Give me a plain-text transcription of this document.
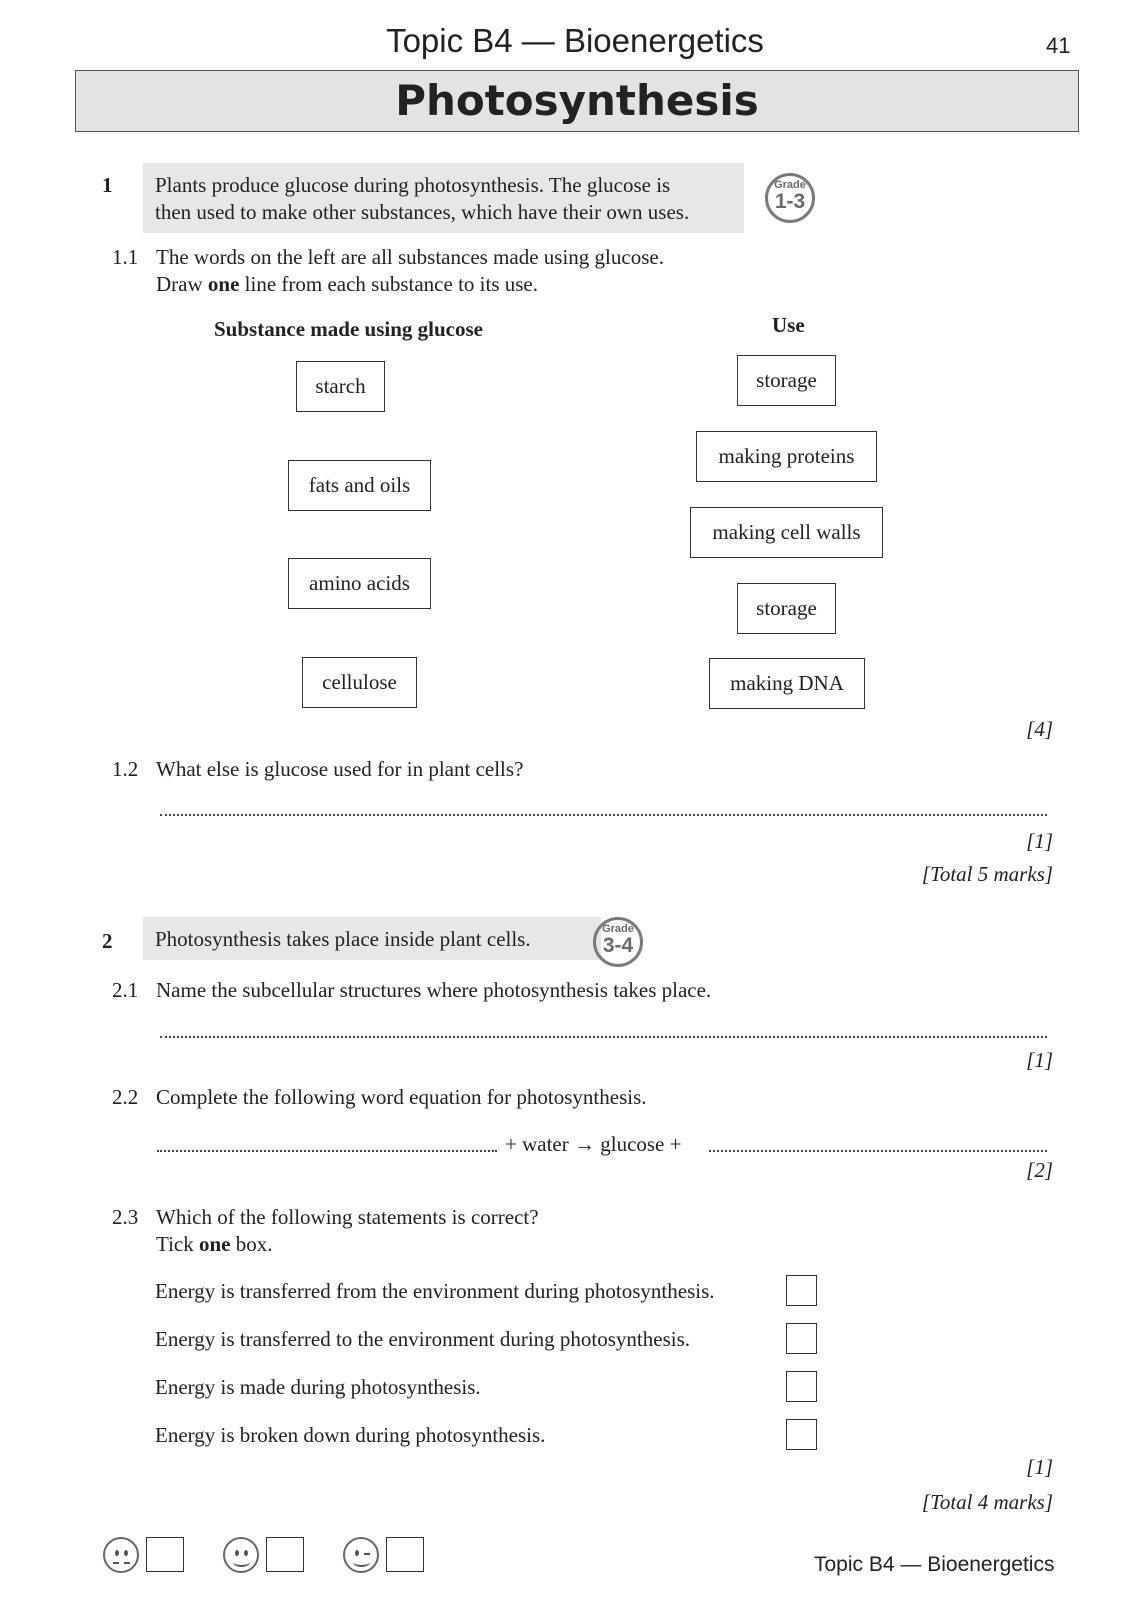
Topic B4 — Bioenergetics	41
Photosynthesis
1 Plants produce glucose during photosynthesis. The glucose is
then used to make other substances, which have their own uses.
Grade
1-3
1.1 The words on the left are all substances made using glucose.
Draw one line from each substance to its use.
Substance made using glucose	Use
starch
fats and oils
amino acids
cellulose
storage
making proteins
making cell walls
storage
making DNA
[4]
1.2 What else is glucose used for in plant cells?
[1]
[Total 5 marks]
2	Photosynthesis takes place inside plant cells.	Grade
3-4
2.1 Name the subcellular structures where photosynthesis takes place.
[1]
2.2 Complete the following word equation for photosynthesis.
+ water → glucose +
[2]
2.3 Which of the following statements is correct?
Tick one box.
Energy is transferred from the environment during photosynthesis.
Energy is transferred to the environment during photosynthesis.
Energy is made during photosynthesis.
Energy is broken down during photosynthesis.
[1]
[Total 4 marks]
Topic B4 — Bioenergetics
